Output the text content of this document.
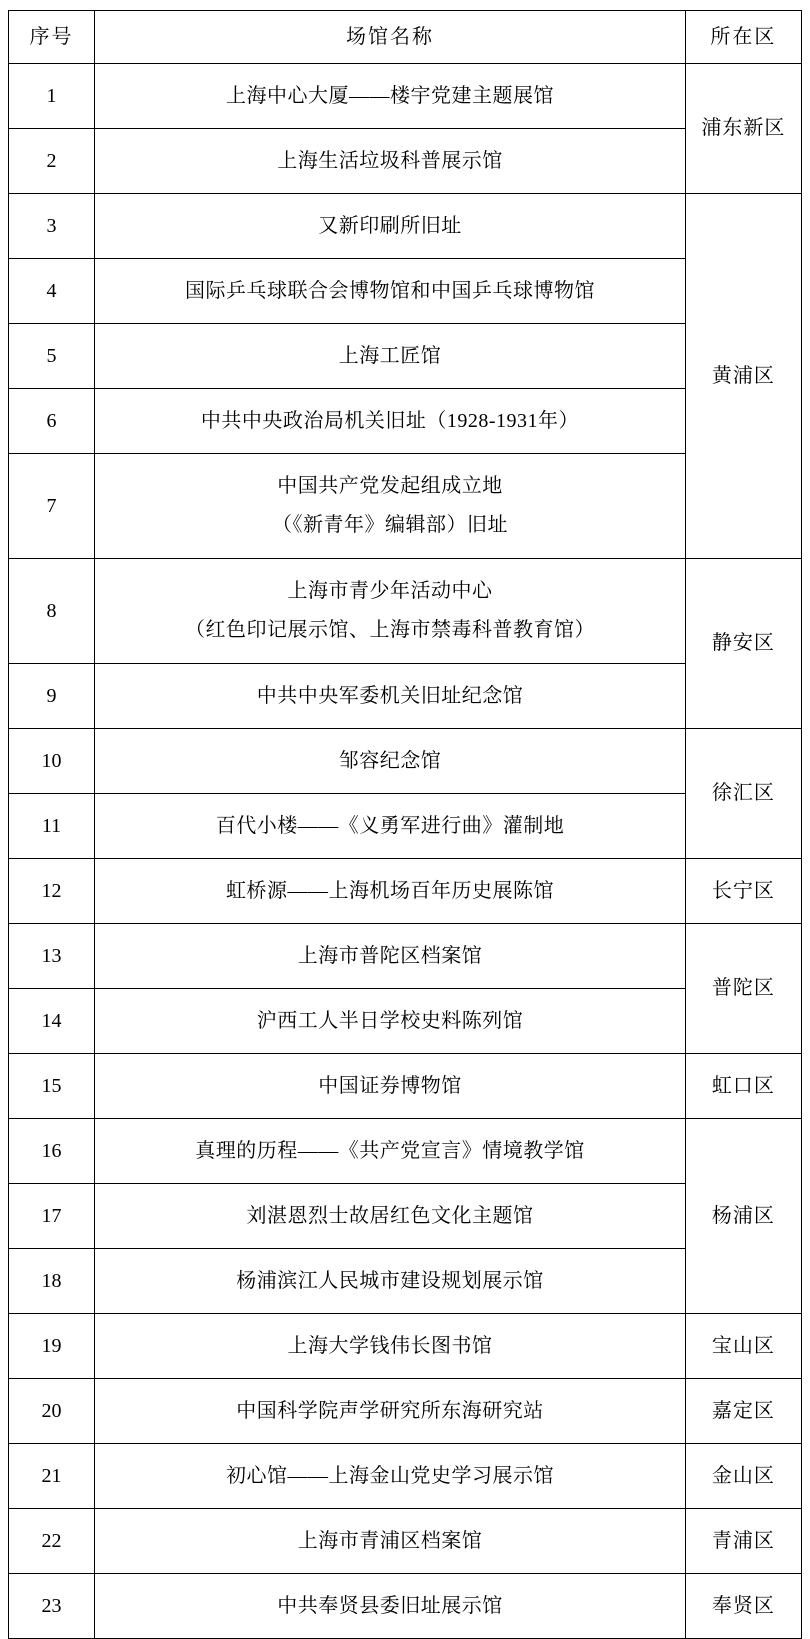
序号	场馆名称	所在区
1	上海中心大厦——楼宇党建主题展馆	浦东新区
2	上海生活垃圾科普展示馆	

3	又新印刷所旧址	黄浦区
4	国际乒乓球联合会博物馆和中国乒乓球博物馆	

5	上海工匠馆	

6	中共中央政治局机关旧址（1928-1931年）	

7	中国共产党发起组成立地
（《新青年》编辑部）旧址	

8	上海市青少年活动中心
（红色印记展示馆、上海市禁毒科普教育馆）	静安区
9	中共中央军委机关旧址纪念馆	

10	邹容纪念馆	徐汇区
11	百代小楼——《义勇军进行曲》灌制地	

12	虹桥源——上海机场百年历史展陈馆	长宁区
13	上海市普陀区档案馆	普陀区
14	沪西工人半日学校史料陈列馆	

15	中国证券博物馆	虹口区
16	真理的历程——《共产党宣言》情境教学馆	杨浦区
17	刘湛恩烈士故居红色文化主题馆	

18	杨浦滨江人民城市建设规划展示馆	

19	上海大学钱伟长图书馆	宝山区
20	中国科学院声学研究所东海研究站	嘉定区
21	初心馆——上海金山党史学习展示馆	金山区
22	上海市青浦区档案馆	青浦区
23	中共奉贤县委旧址展示馆	奉贤区
